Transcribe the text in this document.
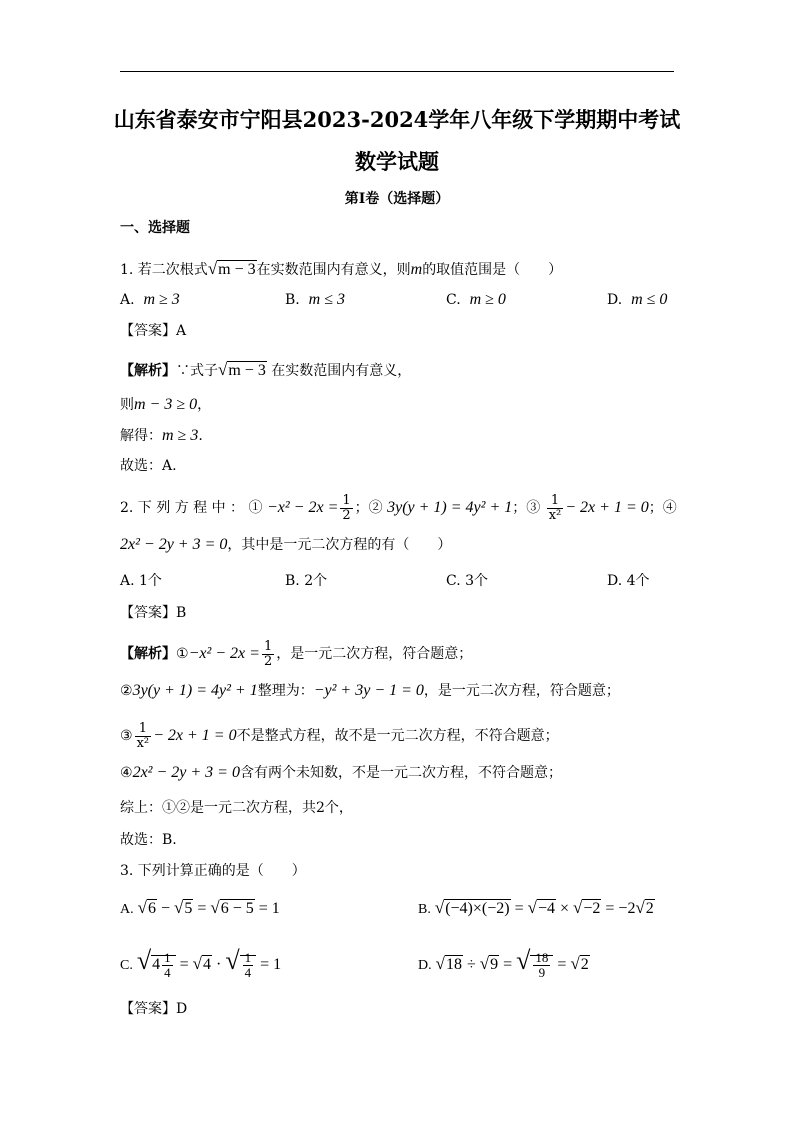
山东省泰安市宁阳县2023-2024学年八年级下学期期中考试
数学试题
第Ⅰ卷（选择题）
一、选择题
1. 若二次根式√m − 3在实数范围内有意义，则m的取值范围是（　　）
A. m ≥ 3	B. m ≤ 3	C. m ≥ 0	D. m ≤ 0
【答案】A
【解析】∵式子√m − 3 在实数范围内有意义，
则m − 3 ≥ 0，
解得：m ≥ 3.
故选：A.
2. 下 列 方 程 中 ： ① $-x^2 - 2x = \frac{1}{2}$ ；② 3y(y + 1) = 4y² + 1；③ $\frac{1}{\text{x²}} - 2x + 1 = 0$；④
2x² − 2y + 3 = 0，其中是一元二次方程的有（　　）
A. 1个	B. 2个	C. 3个	D. 4个
【答案】B
【解析】①−x² − $2x = \frac{1}{2}$ ，是一元二次方程，符合题意；
②3y(y + 1) = 4y² + 1整理为：−y² + 3y − 1 = 0，是一元二次方程，符合题意；
③ $\frac{1}{\text{x²}} - 2x + 1 = 0$不是整式方程，故不是一元二次方程，不符合题意；
④2x² − 2y + 3 = 0含有两个未知数，不是一元二次方程，不符合题意；
综上：①②是一元二次方程，共2个，
故选：B.
3. 下列计算正确的是（　　）
A. √6 − √5 = √6 − 5 = 1	B. √(−4)×(−2) = √−4 × √−2 = −2√2
C. $√4 \frac{1}{4} = √4$ · √ $\frac{1}{4} = 1$	D. √18 ÷ √9 = √ $\frac{18}{9} = √2$
【答案】D
